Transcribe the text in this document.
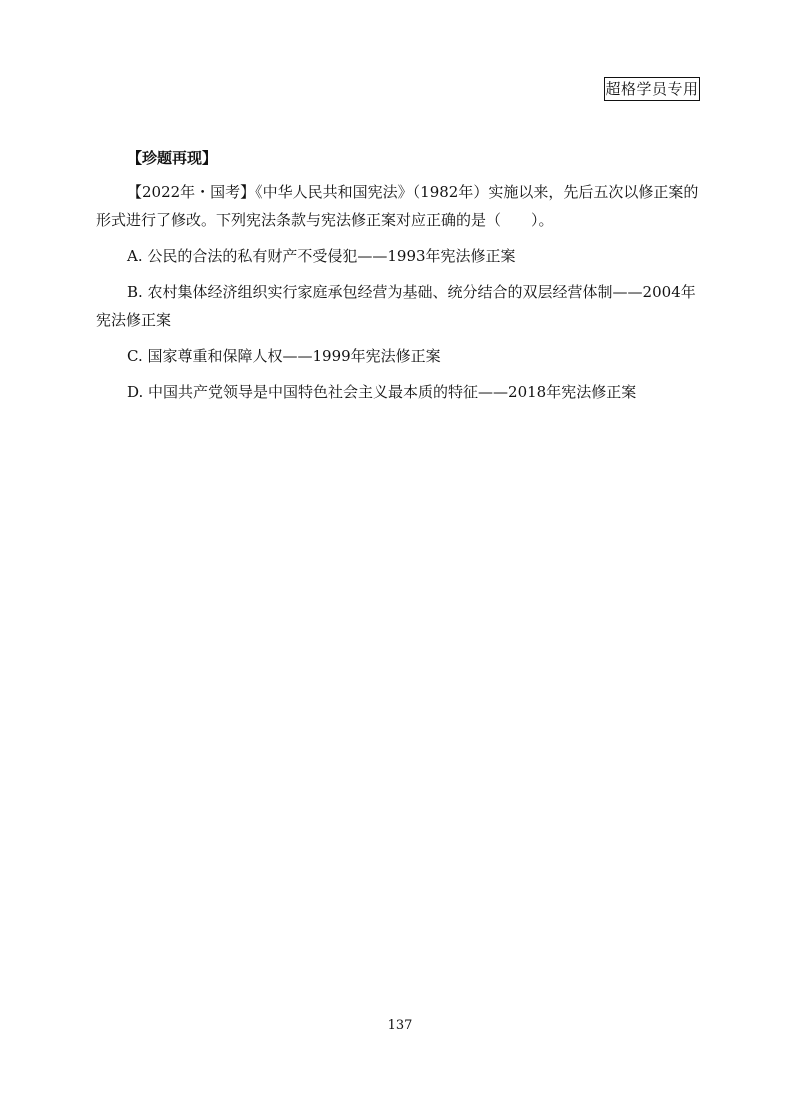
超格学员专用
【珍题再现】

【2022年・国考】《中华人民共和国宪法》（1982年）实施以来，先后五次以修正案的形式进行了修改。下列宪法条款与宪法修正案对应正确的是（　　）。

A. 公民的合法的私有财产不受侵犯——1993年宪法修正案

B. 农村集体经济组织实行家庭承包经营为基础、统分结合的双层经营体制——2004年宪法修正案

C. 国家尊重和保障人权——1999年宪法修正案

D. 中国共产党领导是中国特色社会主义最本质的特征——2018年宪法修正案

137
